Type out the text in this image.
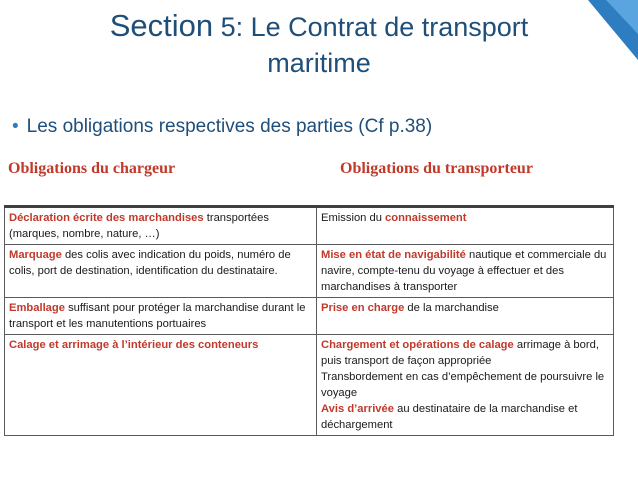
Section 5: Le Contrat de transport
maritime
• Les obligations respectives des parties (Cf p.38)
Obligations du chargeur	Obligations du transporteur
Déclaration écrite des marchandises transportées (marques, nombre, nature, …)	Emission du connaissement
Marquage des colis avec indication du poids, numéro de colis, port de destination, identification du destinataire.	Mise en état de navigabilité nautique et commerciale du navire, compte-tenu du voyage à effectuer et des marchandises à transporter
Emballage suffisant pour protéger la marchandise durant le transport et les manutentions portuaires	Prise en charge de la marchandise
Calage et arrimage à l’intérieur des conteneurs	Chargement et opérations de calage arrimage à bord, puis transport de façon appropriée
Transbordement en cas d’empêchement de poursuivre le voyage
Avis d’arrivée au destinataire de la marchandise et déchargement
